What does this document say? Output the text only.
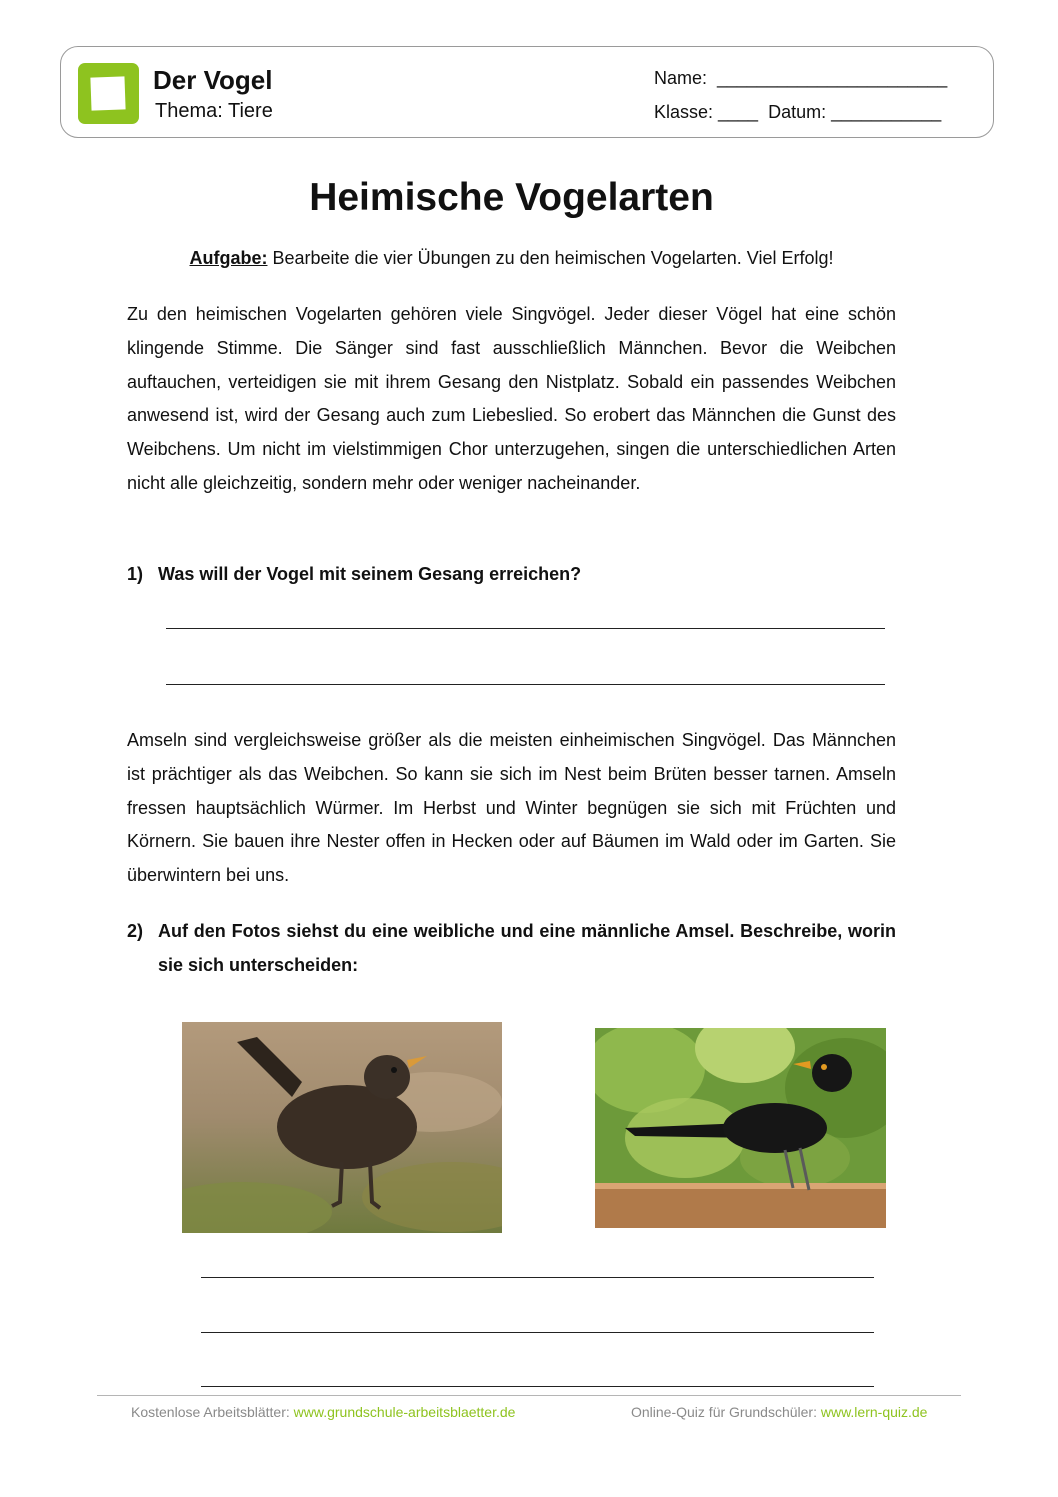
Der Vogel
Thema: Tiere
Name:  _______________________
Klasse: ____  Datum: ___________
Heimische Vogelarten
Aufgabe: Bearbeite die vier Übungen zu den heimischen Vogelarten. Viel Erfolg!

Zu den heimischen Vogelarten gehören viele Singvögel. Jeder dieser Vögel hat eine schön klingende Stimme. Die Sänger sind fast ausschließlich Männchen. Bevor die Weibchen auftauchen, verteidigen sie mit ihrem Gesang den Nistplatz. Sobald ein passendes Weibchen anwesend ist, wird der Gesang auch zum Liebeslied. So erobert das Männchen die Gunst des Weibchens. Um nicht im vielstimmigen Chor unterzugehen, singen die unterschiedlichen Arten nicht alle gleichzeitig, sondern mehr oder weniger nacheinander.

1) Was will der Vogel mit seinem Gesang erreichen?

Amseln sind vergleichsweise größer als die meisten einheimischen Singvögel. Das Männchen ist prächtiger als das Weibchen. So kann sie sich im Nest beim Brüten besser tarnen. Amseln fressen hauptsächlich Würmer. Im Herbst und Winter begnügen sie sich mit Früchten und Körnern. Sie bauen ihre Nester offen in Hecken oder auf Bäumen im Wald oder im Garten. Sie überwintern bei uns.

2) Auf den Fotos siehst du eine weibliche und eine männliche Amsel. Beschreibe, worin sie sich unterscheiden:
Kostenlose Arbeitsblätter: www.grundschule-arbeitsblaetter.de	Online-Quiz für Grundschüler: www.lern-quiz.de
